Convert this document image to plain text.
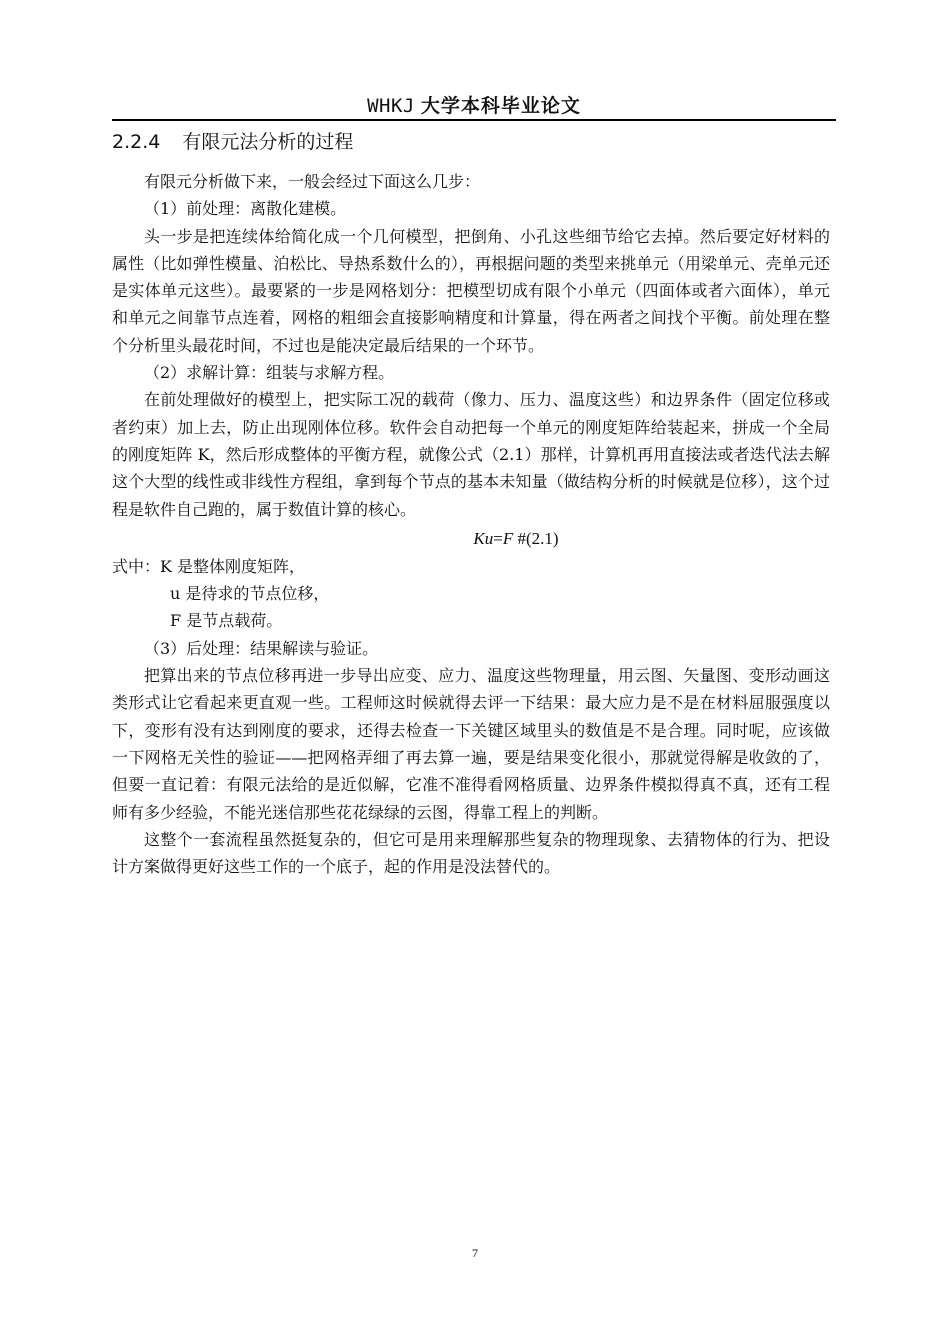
WHKJ 大学本科毕业论文
2.2.4 有限元法分析的过程

有限元分析做下来，一般会经过下面这么几步：

（1）前处理：离散化建模。

头一步是把连续体给简化成一个几何模型，把倒角、小孔这些细节给它去掉。然后要定好材料的属性（比如弹性模量、泊松比、导热系数什么的），再根据问题的类型来挑单元（用梁单元、壳单元还是实体单元这些）。最要紧的一步是网格划分：把模型切成有限个小单元（四面体或者六面体），单元和单元之间靠节点连着，网格的粗细会直接影响精度和计算量，得在两者之间找个平衡。前处理在整个分析里头最花时间，不过也是能决定最后结果的一个环节。

（2）求解计算：组装与求解方程。

在前处理做好的模型上，把实际工况的载荷（像力、压力、温度这些）和边界条件（固定位移或者约束）加上去，防止出现刚体位移。软件会自动把每一个单元的刚度矩阵给装起来，拼成一个全局的刚度矩阵 K，然后形成整体的平衡方程，就像公式（2.1）那样，计算机再用直接法或者迭代法去解这个大型的线性或非线性方程组，拿到每个节点的基本未知量（做结构分析的时候就是位移），这个过程是软件自己跑的，属于数值计算的核心。

Ku=F #(2.1)

式中：K 是整体刚度矩阵，

u 是待求的节点位移，

F 是节点载荷。

（3）后处理：结果解读与验证。

把算出来的节点位移再进一步导出应变、应力、温度这些物理量，用云图、矢量图、变形动画这类形式让它看起来更直观一些。工程师这时候就得去评一下结果：最大应力是不是在材料屈服强度以下，变形有没有达到刚度的要求，还得去检查一下关键区域里头的数值是不是合理。同时呢，应该做一下网格无关性的验证——把网格弄细了再去算一遍，要是结果变化很小，那就觉得解是收敛的了，但要一直记着：有限元法给的是近似解，它准不准得看网格质量、边界条件模拟得真不真，还有工程师有多少经验，不能光迷信那些花花绿绿的云图，得靠工程上的判断。

这整个一套流程虽然挺复杂的，但它可是用来理解那些复杂的物理现象、去猜物体的行为、把设计方案做得更好这些工作的一个底子，起的作用是没法替代的。

7
